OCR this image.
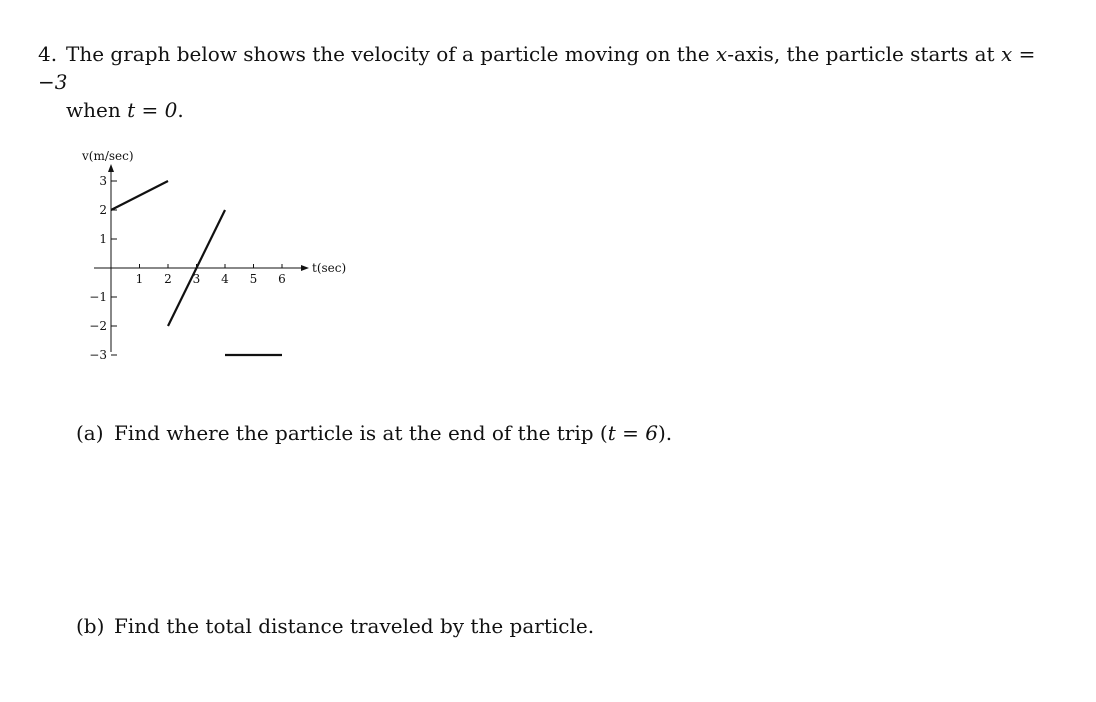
4. The graph below shows the velocity of a particle moving on the x-axis, the particle starts at x = −3
when t = 0.
1 2 3 4 5 6
3
2
1
−1
−2
−3
v(m/sec)
t(sec)
(a) Find where the particle is at the end of the trip (t = 6).
(b) Find the total distance traveled by the particle.
